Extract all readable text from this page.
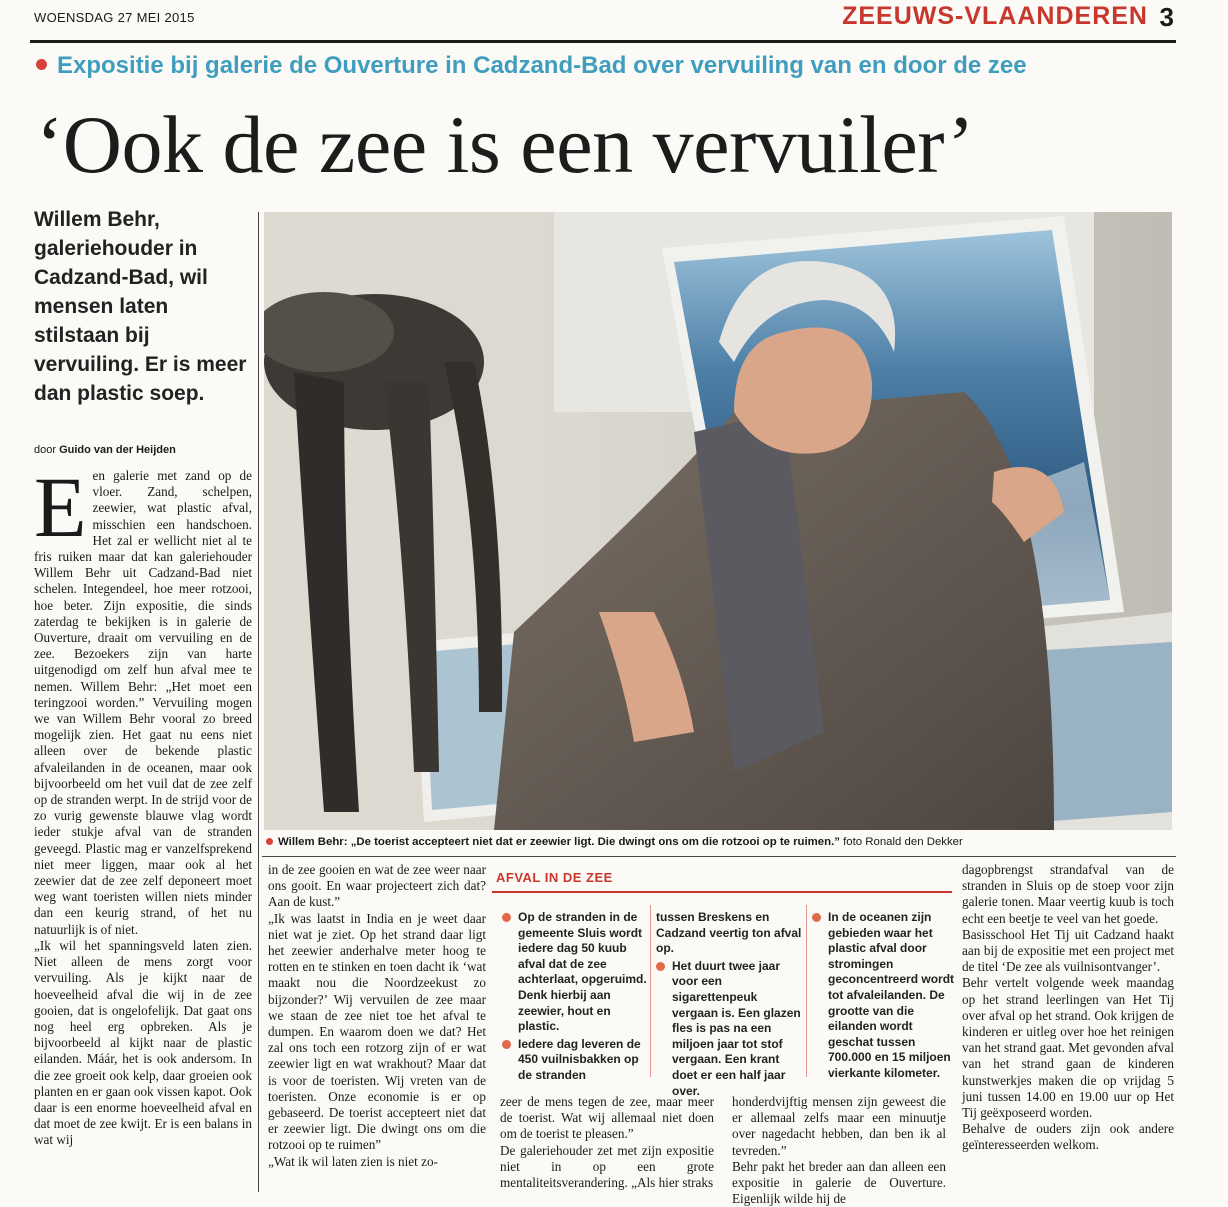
WOENSDAG 27 MEI 2015	ZEEUWS-VLAANDEREN 3
Expositie bij galerie de Ouverture in Cadzand-Bad over vervuiling van en door de zee
‘Ook de zee is een vervuiler’
Willem Behr, galeriehouder in Cadzand-Bad, wil mensen laten stilstaan bij vervuiling. Er is meer dan plastic soep.
door Guido van der Heijden

Een galerie met zand op de vloer. Zand, schelpen, zeewier, wat plastic afval, misschien een handschoen. Het zal er wellicht niet al te fris ruiken maar dat kan galeriehouder Willem Behr uit Cadzand-Bad niet schelen. Integendeel, hoe meer rotzooi, hoe beter. Zijn expositie, die sinds zaterdag te bekijken is in galerie de Ouverture, draait om vervuiling en de zee. Bezoekers zijn van harte uitgenodigd om zelf hun afval mee te nemen. Willem Behr: „Het moet een teringzooi worden.” Vervuiling mogen we van Willem Behr vooral zo breed mogelijk zien. Het gaat nu eens niet alleen over de bekende plastic afvaleilanden in de oceanen, maar ook bijvoorbeeld om het vuil dat de zee zelf op de stranden werpt. In de strijd voor de zo vurig gewenste blauwe vlag wordt ieder stukje afval van de stranden geveegd. Plastic mag er vanzelfsprekend niet meer liggen, maar ook al het zeewier dat de zee zelf deponeert moet weg want toeristen willen niets minder dan een keurig strand, of het nu natuurlijk is of niet.

„Ik wil het spanningsveld laten zien. Niet alleen de mens zorgt voor vervuiling. Als je kijkt naar de hoeveelheid afval die wij in de zee gooien, dat is ongelofelijk. Dat gaat ons nog heel erg opbreken. Als je bijvoorbeeld al kijkt naar de plastic eilanden. Máár, het is ook andersom. In die zee groeit ook kelp, daar groeien ook planten en er gaan ook vissen kapot. Ook daar is een enorme hoeveelheid afval en dat moet de zee kwijt. Er is een balans in wat wij

Willem Behr: „De toerist accepteert niet dat er zeewier ligt. Die dwingt ons om die rotzooi op te ruimen.” foto Ronald den Dekker

in de zee gooien en wat de zee weer naar ons gooit. En waar projecteert zich dat? Aan de kust.”

„Ik was laatst in India en je weet daar niet wat je ziet. Op het strand daar ligt het zeewier anderhalve meter hoog te rotten en te stinken en toen dacht ik ‘wat maakt nou die Noordzeekust zo bijzonder?’ Wij vervuilen de zee maar we staan de zee niet toe het afval te dumpen. En waarom doen we dat? Het zal ons toch een rotzorg zijn of er wat zeewier ligt en wat wrakhout? Maar dat is voor de toeristen. Wij vreten van de toeristen. Onze economie is er op gebaseerd. De toerist accepteert niet dat er zeewier ligt. Die dwingt ons om die rotzooi op te ruimen”

„Wat ik wil laten zien is niet zo-

AFVAL IN DE ZEE

Op de stranden in de gemeente Sluis wordt iedere dag 50 kuub afval dat de zee achterlaat, opgeruimd. Denk hierbij aan zeewier, hout en plastic.

Iedere dag leveren de 450 vuilnisbakken op de stranden

tussen Breskens en Cadzand veertig ton afval op.

Het duurt twee jaar voor een sigarettenpeuk vergaan is. Een glazen fles is pas na een miljoen jaar tot stof vergaan. Een krant doet er een half jaar over.

In de oceanen zijn gebieden waar het plastic afval door stromingen geconcentreerd wordt tot afvaleilanden. De grootte van die eilanden wordt geschat tussen 700.000 en 15 miljoen vierkante kilometer.

zeer de mens tegen de zee, maar meer de toerist. Wat wij allemaal niet doen om de toerist te pleasen.”

De galeriehouder zet met zijn expositie niet in op een grote mentaliteitsverandering. „Als hier straks

honderdvijftig mensen zijn geweest die er allemaal zelfs maar een minuutje over nagedacht hebben, dan ben ik al tevreden.”

Behr pakt het breder aan dan alleen een expositie in galerie de Ouverture. Eigenlijk wilde hij de

dagopbrengst strandafval van de stranden in Sluis op de stoep voor zijn galerie tonen. Maar veertig kuub is toch echt een beetje te veel van het goede.

Basisschool Het Tij uit Cadzand haakt aan bij de expositie met een project met de titel ‘De zee als vuilnisontvanger’.

Behr vertelt volgende week maandag op het strand leerlingen van Het Tij over afval op het strand. Ook krijgen de kinderen er uitleg over hoe het reinigen van het strand gaat. Met gevonden afval van het strand gaan de kinderen kunstwerkjes maken die op vrijdag 5 juni tussen 14.00 en 19.00 uur op Het Tij geëxposeerd worden.

Behalve de ouders zijn ook andere geïnteresseerden welkom.
